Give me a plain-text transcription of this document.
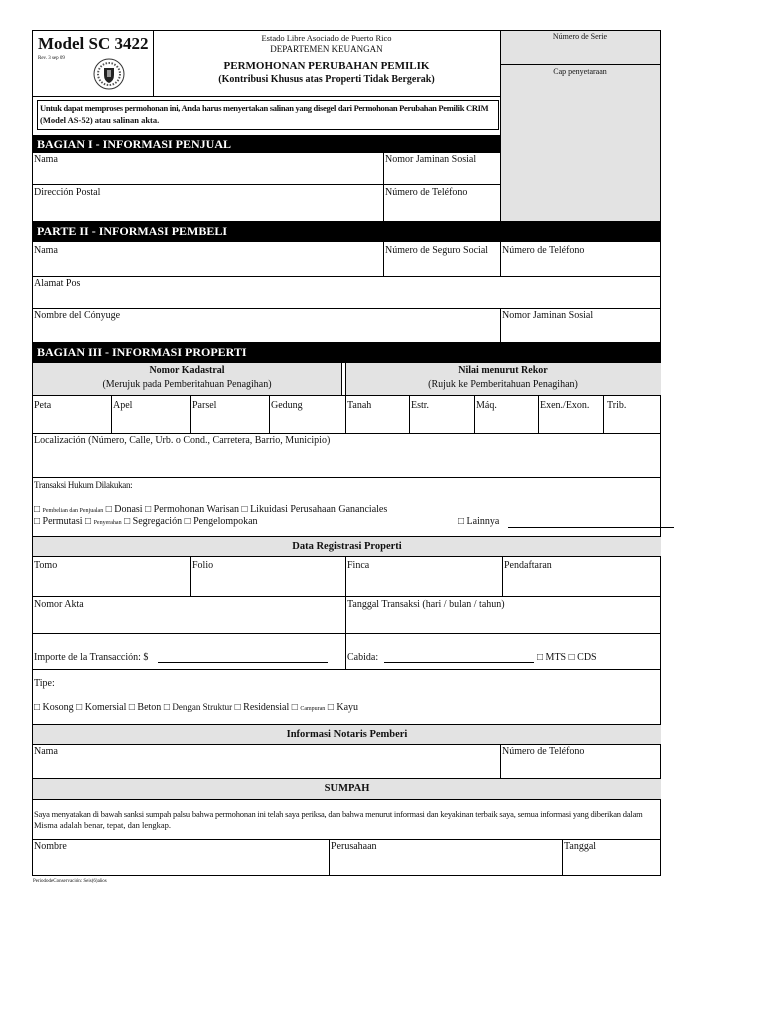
Model SC 3422
Rev. 3 sep 09
Estado Libre Asociado de Puerto Rico
DEPARTEMEN KEUANGAN
PERMOHONAN PERUBAHAN PEMILIK
(Kontribusi Khusus atas Properti Tidak Bergerak)
Número de Serie
Cap penyetaraan
Untuk dapat memproses permohonan ini, Anda harus menyertakan salinan yang disegel dari Permohonan Perubahan Pemilik CRIM
(Model AS-52) atau salinan akta.
BAGIAN I - INFORMASI PENJUAL
Nama	Nomor Jaminan Sosial
Dirección Postal	Número de Teléfono
PARTE II - INFORMASI PEMBELI
Nama	Número de Seguro Social Número de Teléfono
Alamat Pos
Nombre del Cónyuge	Nomor Jaminan Sosial
BAGIAN III - INFORMASI PROPERTI
Nomor Kadastral
(Merujuk pada Pemberitahuan Penagihan)
Nilai menurut Rekor
(Rujuk ke Pemberitahuan Penagihan)
Peta	Apel	Parsel	Gedung	Tanah	Estr.	Máq.	Exen./Exon. Trib.
Localización (Número, Calle, Urb. o Cond., Carretera, Barrio, Municipio)
Transaksi Hukum Dilakukan:
□ Pembelian dan Penjualan □ Donasi □ Permohonan Warisan □ Likuidasi Perusahaan Gananciales
□ Permutasi □ Penyerahan □ Segregación □ Pengelompokan	□ Lainnya
Data Registrasi Properti
Tomo	Folio	Finca	Pendaftaran
Nomor Akta	Tanggal Transaksi (hari / bulan / tahun)
Importe de la Transacción: $	Cabida:	□ MTS □ CDS
Tipe:
□ Kosong □ Komersial □ Beton □ Dengan Struktur □ Residensial □ Campuran □ Kayu
Informasi Notaris Pemberi
Nama	Número de Teléfono
SUMPAH
Saya menyatakan di bawah sanksi sumpah palsu bahwa permohonan ini telah saya periksa, dan bahwa menurut informasi dan keyakinan terbaik saya, semua informasi yang diberikan dalam
Misma adalah benar, tepat, dan lengkap.
Nombre	Perusahaan	Tanggal
PeriododeConservación: Seis(6)años
